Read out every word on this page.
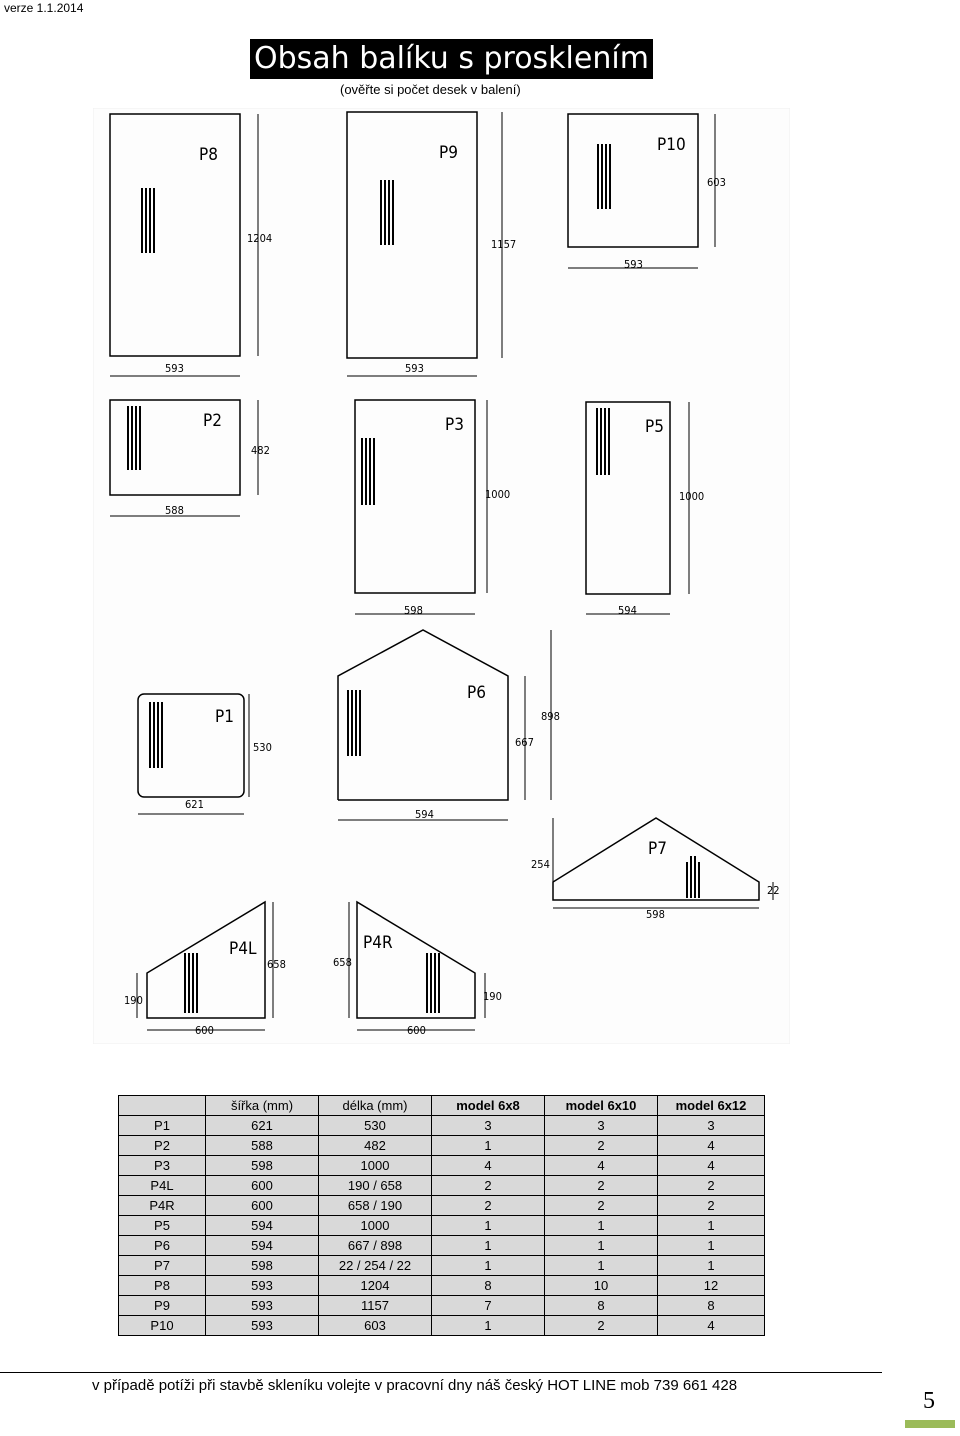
verze 1.1.2014
Obsah balíku s prosklením
(ověřte si počet desek v balení)
P8
1204
593
P9
1157
593
P10
603
593
P2
482
588
P3
1000
598
P5
1000
594
P1
530
621
P6
667
898
594
P7
254
22
598
P4L
190
658
600
P4R
658
190
600
	šířka (mm)	délka (mm)	model 6x8	model 6x10	model 6x12
P1	621	530	3	3	3
P2	588	482	1	2	4
P3	598	1000	4	4	4
P4L	600	190 / 658	2	2	2
P4R	600	658 / 190	2	2	2
P5	594	1000	1	1	1
P6	594	667 / 898	1	1	1
P7	598	22 / 254 / 22	1	1	1
P8	593	1204	8	10	12
P9	593	1157	7	8	8
P10	593	603	1	2	4
v případě potíži při stavbě skleníku volejte v pracovní dny náš český HOT LINE mob 739 661 428
5
